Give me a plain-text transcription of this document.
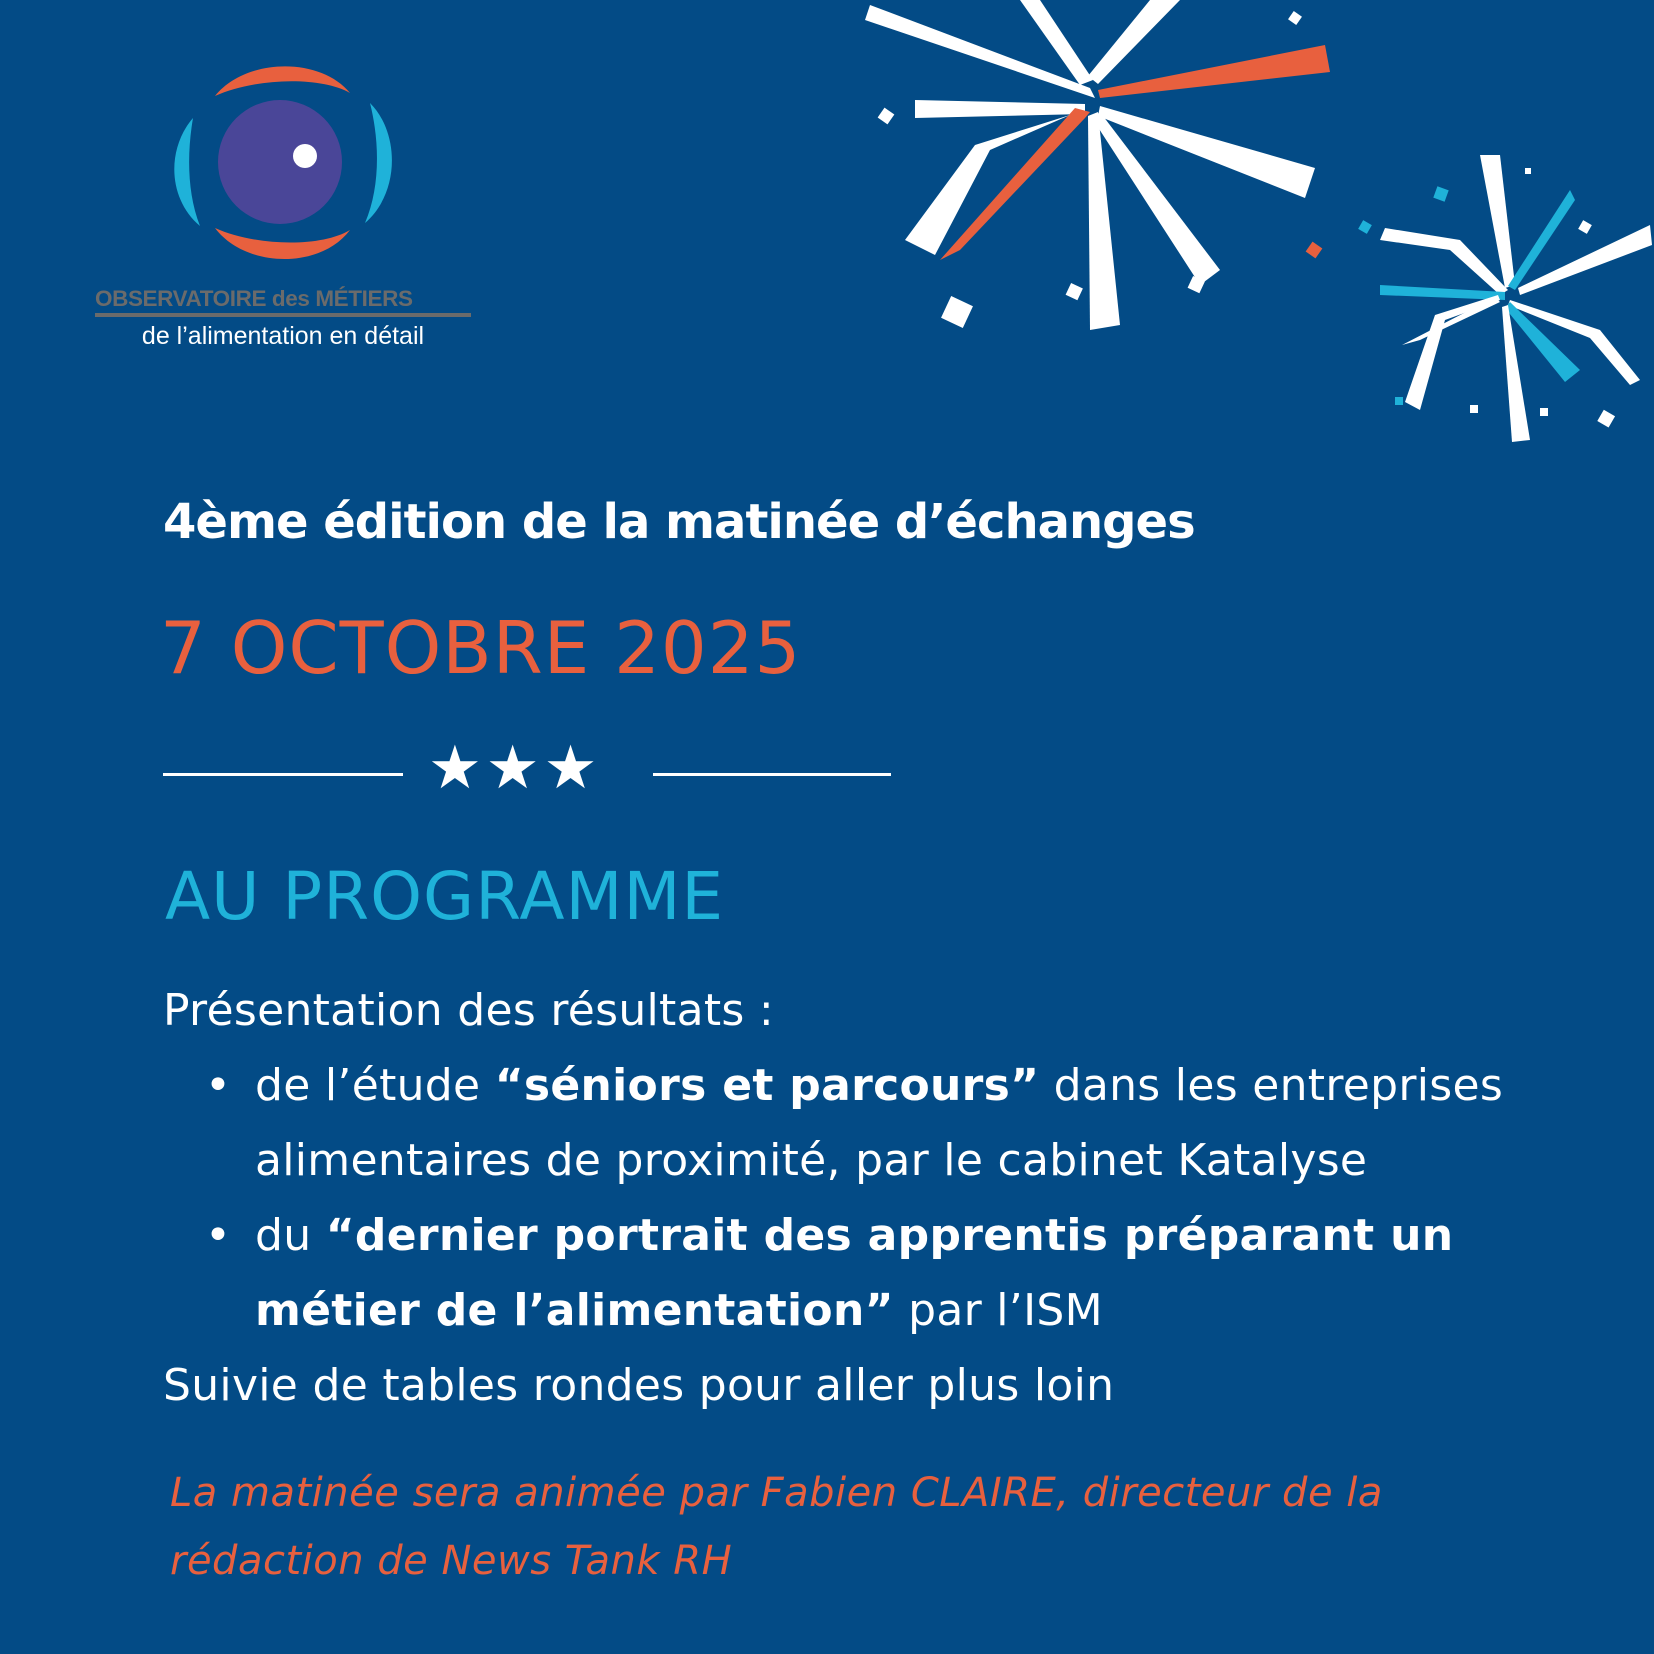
OBSERVATOIRE des MÉTIERS
de l’alimentation en détail
4ème édition de la matinée d’échanges
7 OCTOBRE 2025
★★★
AU PROGRAMME
Présentation des résultats :
• de l’étude “séniors et parcours” dans les entreprises
alimentaires de proximité, par le cabinet Katalyse
• du “dernier portrait des apprentis préparant un
métier de l’alimentation” par l’ISM
Suivie de tables rondes pour aller plus loin
La matinée sera animée par Fabien CLAIRE, directeur de la
rédaction de News Tank RH
